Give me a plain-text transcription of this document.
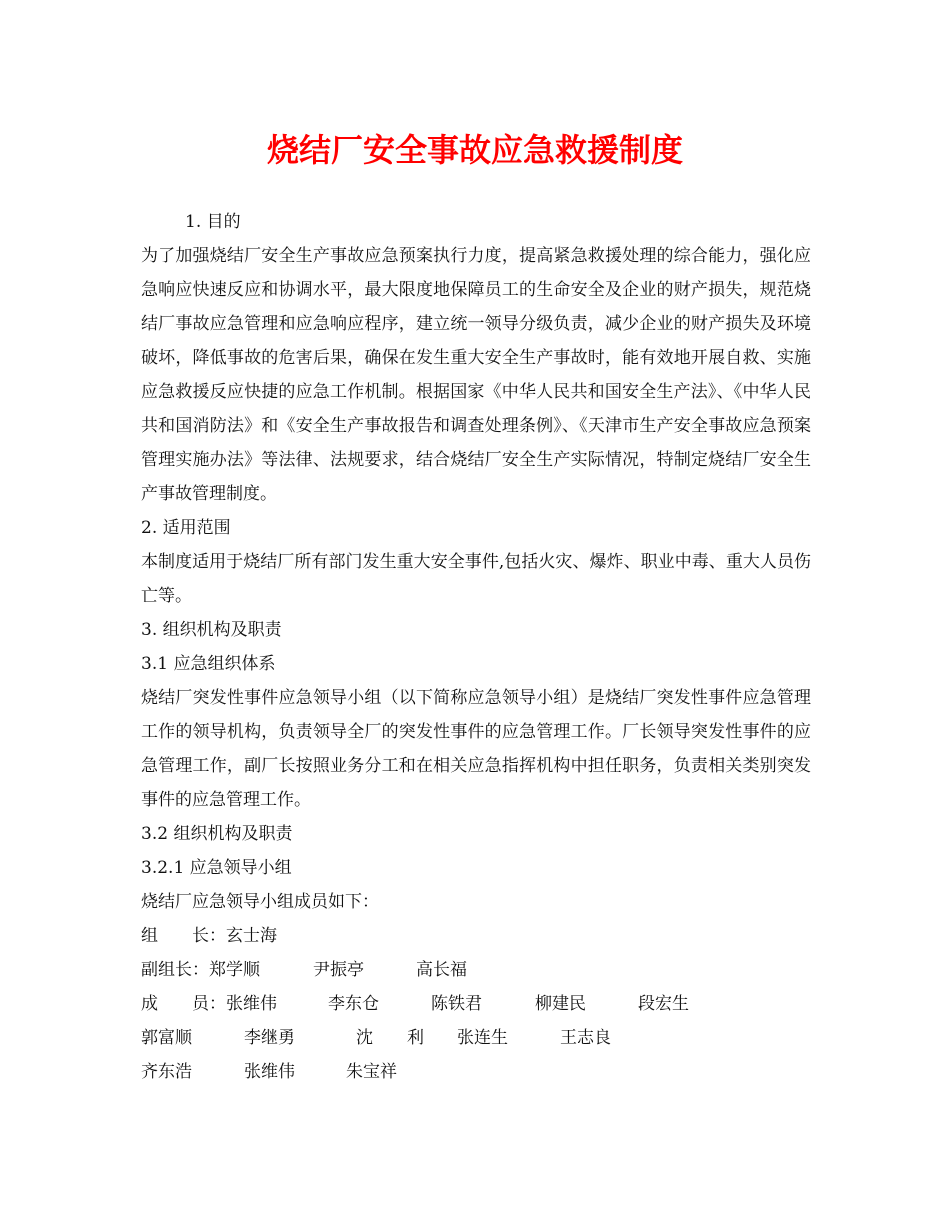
烧结厂安全事故应急救援制度
1. 目的
为了加强烧结厂安全生产事故应急预案执行力度，提高紧急救援处理的综合能力，强化应急响应快速反应和协调水平，最大限度地保障员工的生命安全及企业的财产损失，规范烧结厂事故应急管理和应急响应程序，建立统一领导分级负责，减少企业的财产损失及环境破坏，降低事故的危害后果，确保在发生重大安全生产事故时，能有效地开展自救、实施应急救援反应快捷的应急工作机制。根据国家《中华人民共和国安全生产法》、《中华人民共和国消防法》和《安全生产事故报告和调查处理条例》、《天津市生产安全事故应急预案管理实施办法》等法律、法规要求，结合烧结厂安全生产实际情况，特制定烧结厂安全生产事故管理制度。
2. 适用范围
本制度适用于烧结厂所有部门发生重大安全事件,包括火灾、爆炸、职业中毒、重大人员伤亡等。
3. 组织机构及职责
3.1 应急组织体系
烧结厂突发性事件应急领导小组（以下简称应急领导小组）是烧结厂突发性事件应急管理工作的领导机构，负责领导全厂的突发性事件的应急管理工作。厂长领导突发性事件的应急管理工作，副厂长按照业务分工和在相关应急指挥机构中担任职务，负责相关类别突发事件的应急管理工作。
3.2 组织机构及职责
3.2.1 应急领导小组
烧结厂应急领导小组成员如下：
组　　长： 玄士海
副组长： 郑学顺	尹振亭	高长福
成　　员： 张维伟	李东仓	陈铁君	柳建民	段宏生
郭富顺	李继勇	沈　　利	张连生	王志良
齐东浩	张维伟	朱宝祥
